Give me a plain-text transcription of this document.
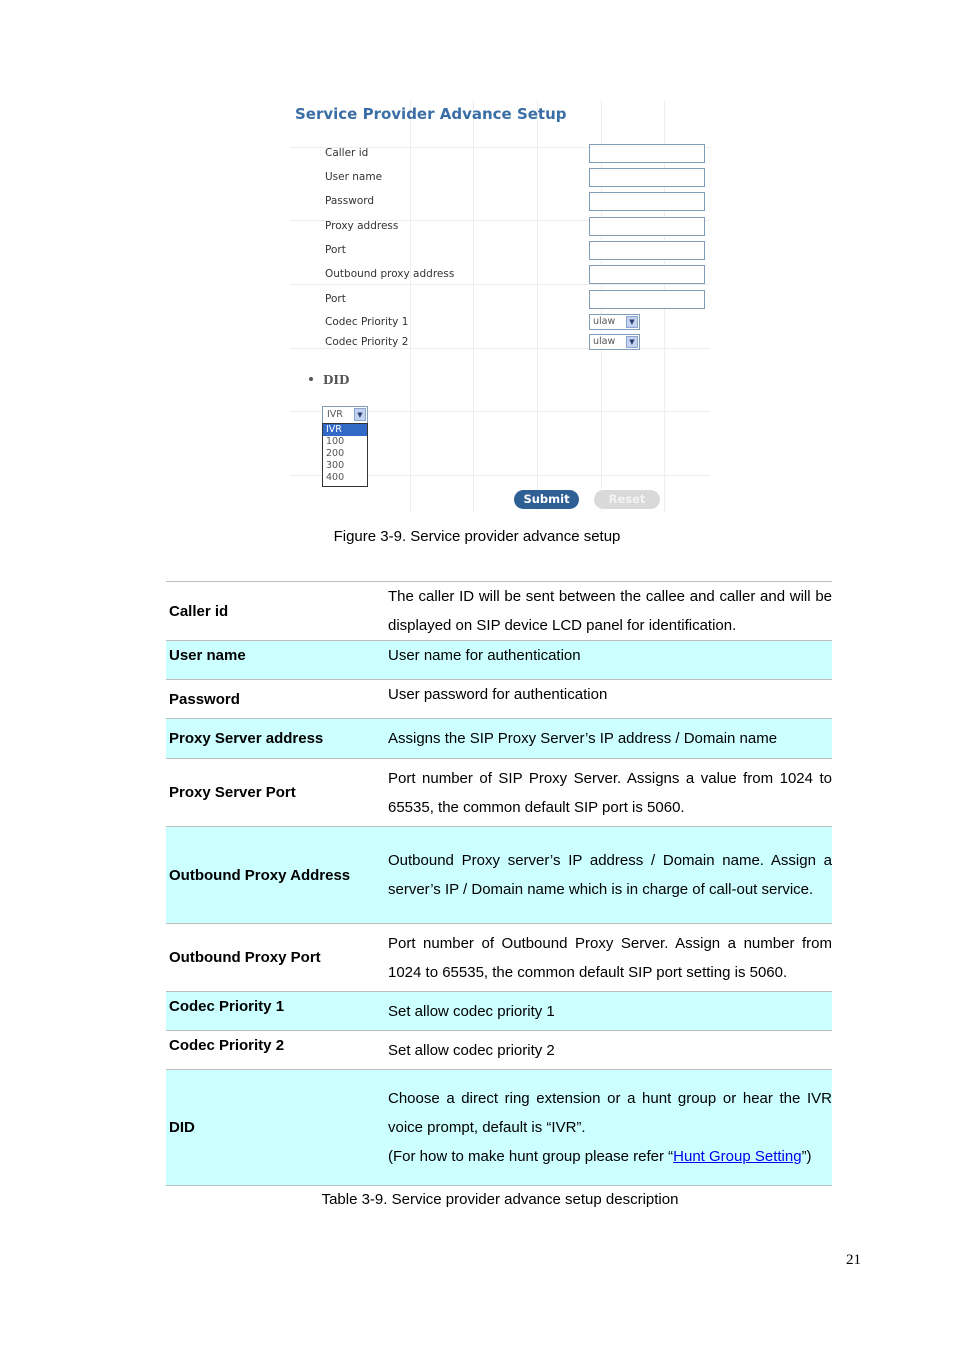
Service Provider Advance Setup
Caller id
User name
Password
Proxy address
Port
Outbound proxy address
Port
Codec Priority 1	ulaw	▼
Codec Priority 2	ulaw	▼
DID
IVR	▼
IVR
100
200
300
400
Submit	Reset
Figure 3-9. Service provider advance setup
Caller id	The caller ID will be sent between the callee and caller and will be displayed on SIP device LCD panel for identification.
User name	User name for authentication
Password	User password for authentication
Proxy Server address	Assigns the SIP Proxy Server’s IP address / Domain name
Proxy Server Port	Port number of SIP Proxy Server. Assigns a value from 1024 to 65535, the common default SIP port is 5060.
Outbound Proxy Address	Outbound Proxy server’s IP address / Domain name. Assign a server’s IP / Domain name which is in charge of call-out service.
Outbound Proxy Port	Port number of Outbound Proxy Server. Assign a number from 1024 to 65535, the common default SIP port setting is 5060.
Codec Priority 1	Set allow codec priority 1
Codec Priority 2	Set allow codec priority 2
DID	Choose a direct ring extension or a hunt group or hear the IVR voice prompt, default is “IVR”.
(For how to make hunt group please refer “Hunt Group Setting”)
Table 3-9. Service provider advance setup description
21
